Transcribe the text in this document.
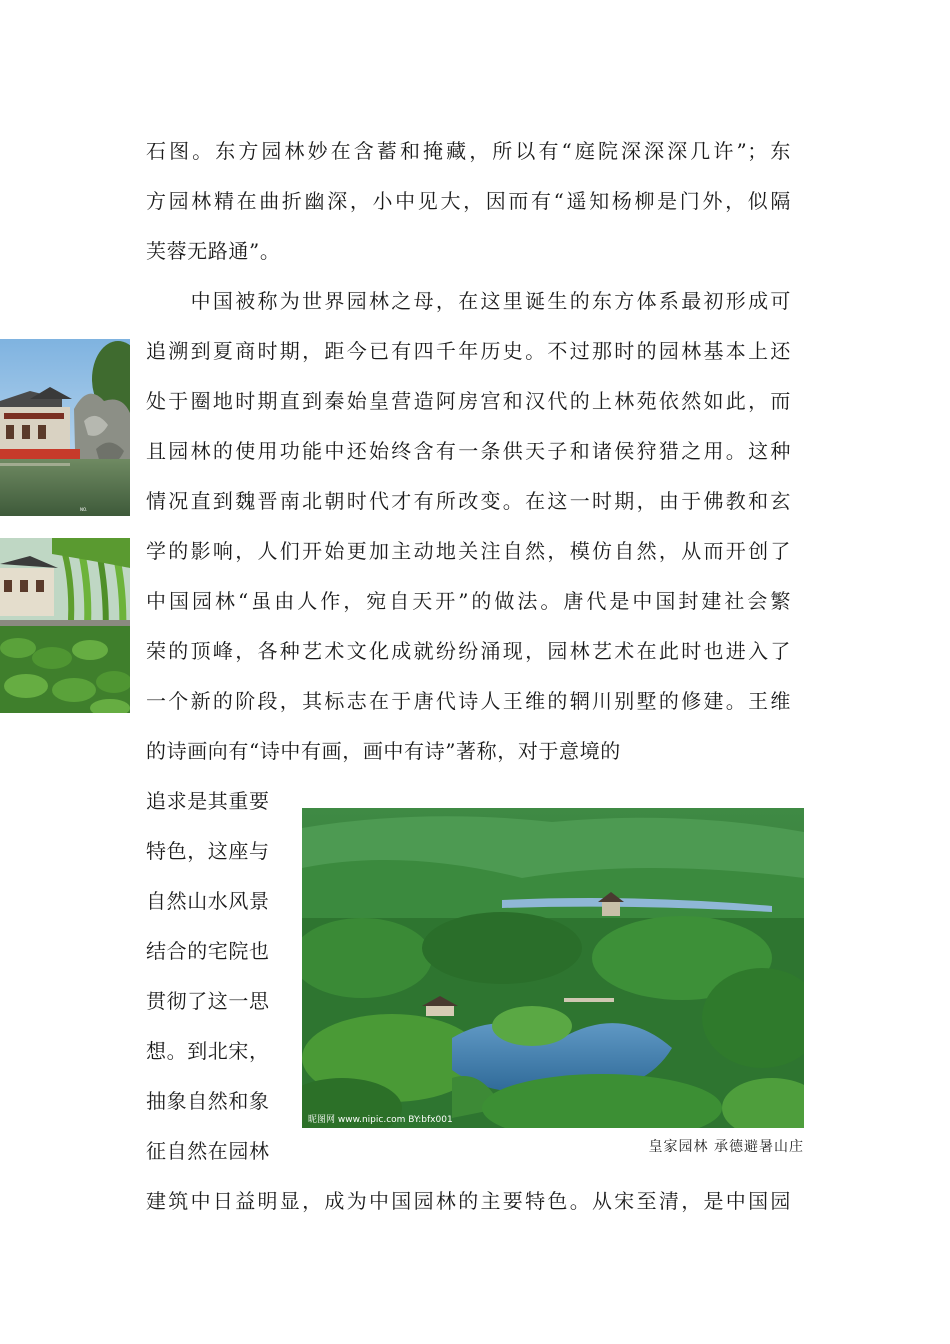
石图。东方园林妙在含蓄和掩藏，所以有“庭院深深深几许”；东
方园林精在曲折幽深，小中见大，因而有“遥知杨柳是门外，似隔
芙蓉无路通”。
　　中国被称为世界园林之母，在这里诞生的东方体系最初形成可
追溯到夏商时期，距今已有四千年历史。不过那时的园林基本上还
处于圈地时期直到秦始皇营造阿房宫和汉代的上林苑依然如此，而
且园林的使用功能中还始终含有一条供天子和诸侯狩猎之用。这种
情况直到魏晋南北朝时代才有所改变。在这一时期，由于佛教和玄
学的影响，人们开始更加主动地关注自然，模仿自然，从而开创了
中国园林“虽由人作，宛自天开”的做法。唐代是中国封建社会繁
荣的顶峰，各种艺术文化成就纷纷涌现，园林艺术在此时也进入了
一个新的阶段，其标志在于唐代诗人王维的辋川别墅的修建。王维
的诗画向有“诗中有画，画中有诗”著称，对于意境的
追求是其重要
特色，这座与
自然山水风景
结合的宅院也
贯彻了这一思
想。到北宋，
抽象自然和象
征自然在园林
建筑中日益明显，成为中国园林的主要特色。从宋至清，是中国园
NO.
昵图网 www.nipic.com BY:bfx001
皇家园林 承德避暑山庄
